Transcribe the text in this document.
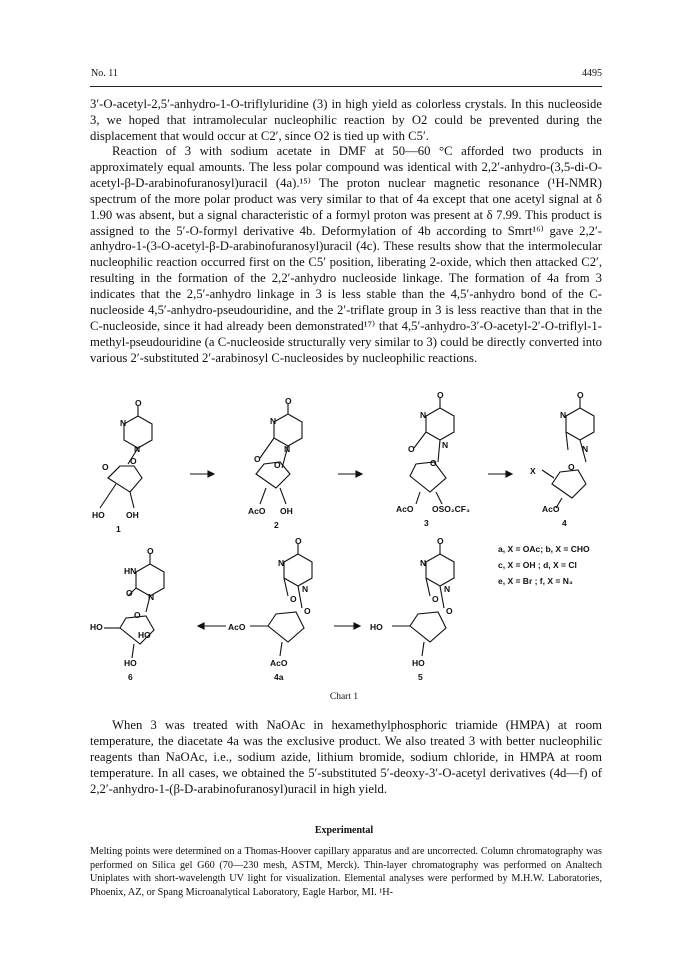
No. 11	4495

3′-O-acetyl-2,5′-anhydro-1-O-triflyluridine (3) in high yield as colorless crystals. In this nucleoside 3, we hoped that intramolecular nucleophilic reaction by O2 could be prevented during the displacement that would occur at C2′, since O2 is tied up with C5′.

Reaction of 3 with sodium acetate in DMF at 50—60 °C afforded two products in approximately equal amounts. The less polar compound was identical with 2,2′-anhydro-(3,5-di-O-acetyl-β-D-arabinofuranosyl)uracil (4a).¹⁵⁾ The proton nuclear magnetic resonance (¹H-NMR) spectrum of the more polar product was very similar to that of 4a except that one acetyl signal at δ 1.90 was absent, but a signal characteristic of a formyl proton was present at δ 7.99. This product is assigned to the 5′-O-formyl derivative 4b. Deformylation of 4b according to Smrt¹⁶⁾ gave 2,2′-anhydro-1-(3-O-acetyl-β-D-arabinofuranosyl)uracil (4c). These results show that the intermolecular nucleophilic reaction occurred first on the C5′ position, liberating 2-oxide, which then attacked C2′, resulting in the formation of the 2,2′-anhydro nucleoside linkage. The formation of 4a from 3 indicates that the 2,5′-anhydro linkage in 3 is less stable than the 4,5′-anhydro bond of the C-nucleoside 4,5′-anhydro-pseudouridine, and the 2′-triflate group in 3 is less reactive than that in the C-nucleoside, since it had already been demonstrated¹⁷⁾ that 4,5′-anhydro-3′-O-acetyl-2′-O-triflyl-1-methyl-pseudouridine (a C-nucleoside structurally very similar to 3) could be directly converted into various 2′-substituted 2′-arabinosyl C-nucleosides by nucleophilic reactions.

O
N
N
O
O
HO	OH
1
O
N
N
O
O
AcO OH
2
O
N
N
O
O
AcO OSO₂CF₃
3
O
N
N
X	O
AcO
4
O
HN
O N
O
HO
HO
HO
6
O
N
N
O
O
AcO
AcO
4a
O
N
N
O
O
HO
HO
5
a, X = OAc; b, X = CHO
c, X = OH ; d, X = Cl
e, X = Br ; f, X = N₃
Chart 1

When 3 was treated with NaOAc in hexamethylphosphoric triamide (HMPA) at room temperature, the diacetate 4a was the exclusive product. We also treated 3 with better nucleophilic reagents than NaOAc, i.e., sodium azide, lithium bromide, sodium chloride, in HMPA at room temperature. In all cases, we obtained the 5′-substituted 5′-deoxy-3′-O-acetyl derivatives (4d—f) of 2,2′-anhydro-1-(β-D-arabinofuranosyl)uracil in high yield.

Experimental

Melting points were determined on a Thomas-Hoover capillary apparatus and are uncorrected. Column chromatography was performed on Silica gel G60 (70—230 mesh, ASTM, Merck). Thin-layer chromatography was performed on Analtech Uniplates with short-wavelength UV light for visualization. Elemental analyses were performed by M.H.W. Laboratories, Phoenix, AZ, or Spang Microanalytical Laboratory, Eagle Harbor, MI. ¹H-
